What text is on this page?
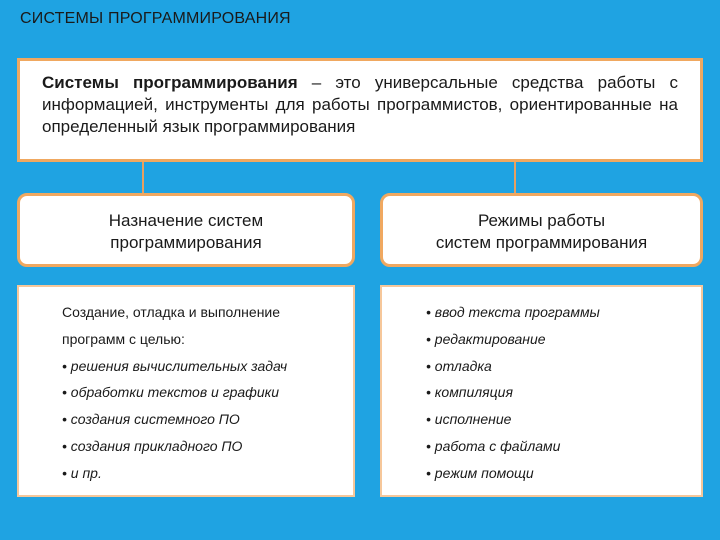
СИСТЕМЫ ПРОГРАММИРОВАНИЯ
Системы программирования – это универсальные средства работы с информацией, инструменты для работы программистов, ориентированные на определенный язык программирования
Назначение систем
программирования
Режимы работы
систем программирования
Создание, отладка и выполнение
программ с целью:
• решения вычислительных задач
• обработки текстов и графики
• создания системного ПО
• создания прикладного ПО
• и пр.
• ввод текста программы
• редактирование
• отладка
• компиляция
• исполнение
• работа с файлами
• режим помощи
